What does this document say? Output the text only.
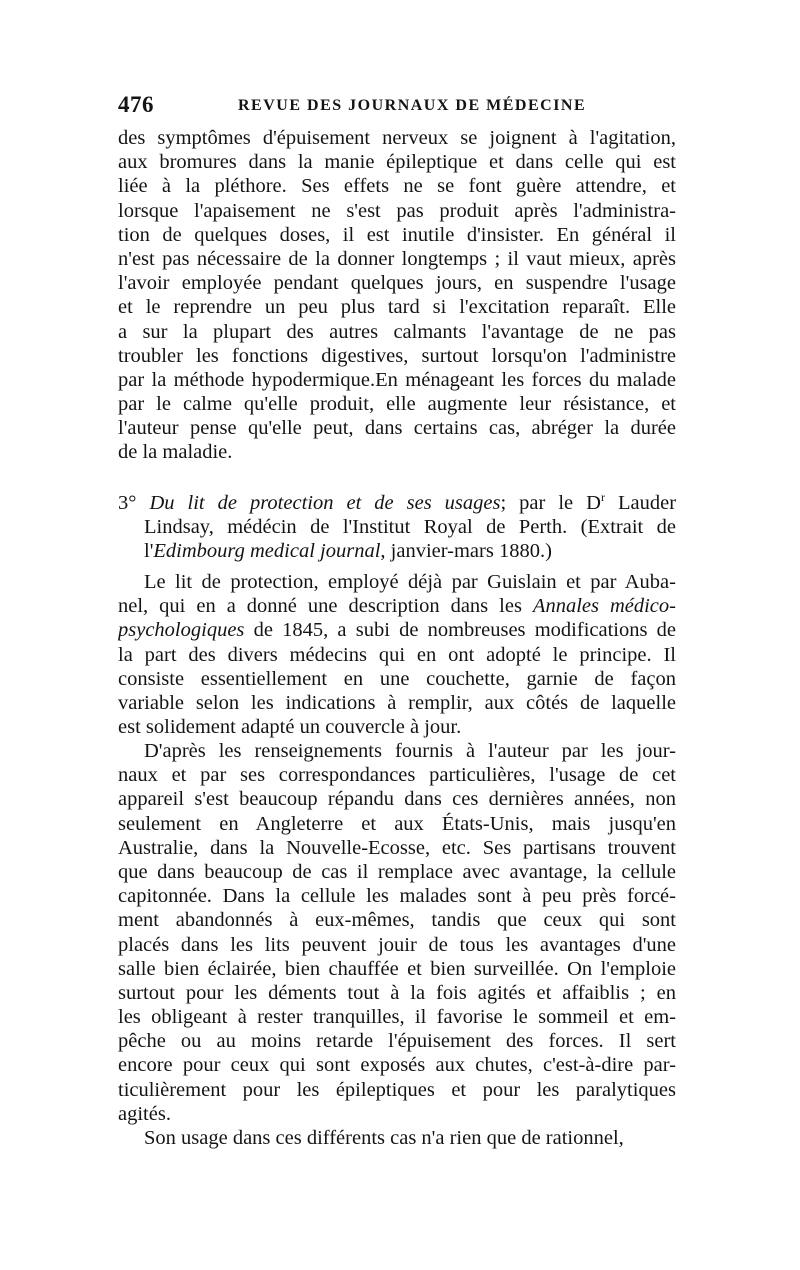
476	REVUE DES JOURNAUX DE MÉDECINE
des symptômes d'épuisement nerveux se joignent à l'agitation,
aux bromures dans la manie épileptique et dans celle qui est
liée à la pléthore. Ses effets ne se font guère attendre, et
lorsque l'apaisement ne s'est pas produit après l'administra-
tion de quelques doses, il est inutile d'insister. En général il
n'est pas nécessaire de la donner longtemps ; il vaut mieux, après
l'avoir employée pendant quelques jours, en suspendre l'usage
et le reprendre un peu plus tard si l'excitation reparaît. Elle
a sur la plupart des autres calmants l'avantage de ne pas
troubler les fonctions digestives, surtout lorsqu'on l'administre
par la méthode hypodermique.En ménageant les forces du malade
par le calme qu'elle produit, elle augmente leur résistance, et
l'auteur pense qu'elle peut, dans certains cas, abréger la durée
de la maladie.
3° Du lit de protection et de ses usages; par le $D^r$ Lauder
Lindsay, médécin de l'Institut Royal de Perth. (Extrait de
l'Edimbourg medical journal, janvier-mars 1880.)
Le lit de protection, employé déjà par Guislain et par Auba-
nel, qui en a donné une description dans les Annales médico-
psychologiques de 1845, a subi de nombreuses modifications de
la part des divers médecins qui en ont adopté le principe. Il
consiste essentiellement en une couchette, garnie de façon
variable selon les indications à remplir, aux côtés de laquelle
est solidement adapté un couvercle à jour.
D'après les renseignements fournis à l'auteur par les jour-
naux et par ses correspondances particulières, l'usage de cet
appareil s'est beaucoup répandu dans ces dernières années, non
seulement en Angleterre et aux États-Unis, mais jusqu'en
Australie, dans la Nouvelle-Ecosse, etc. Ses partisans trouvent
que dans beaucoup de cas il remplace avec avantage, la cellule
capitonnée. Dans la cellule les malades sont à peu près forcé-
ment abandonnés à eux-mêmes, tandis que ceux qui sont
placés dans les lits peuvent jouir de tous les avantages d'une
salle bien éclairée, bien chauffée et bien surveillée. On l'emploie
surtout pour les déments tout à la fois agités et affaiblis ; en
les obligeant à rester tranquilles, il favorise le sommeil et em-
pêche ou au moins retarde l'épuisement des forces. Il sert
encore pour ceux qui sont exposés aux chutes, c'est-à-dire par-
ticulièrement pour les épileptiques et pour les paralytiques
agités.
Son usage dans ces différents cas n'a rien que de rationnel,
